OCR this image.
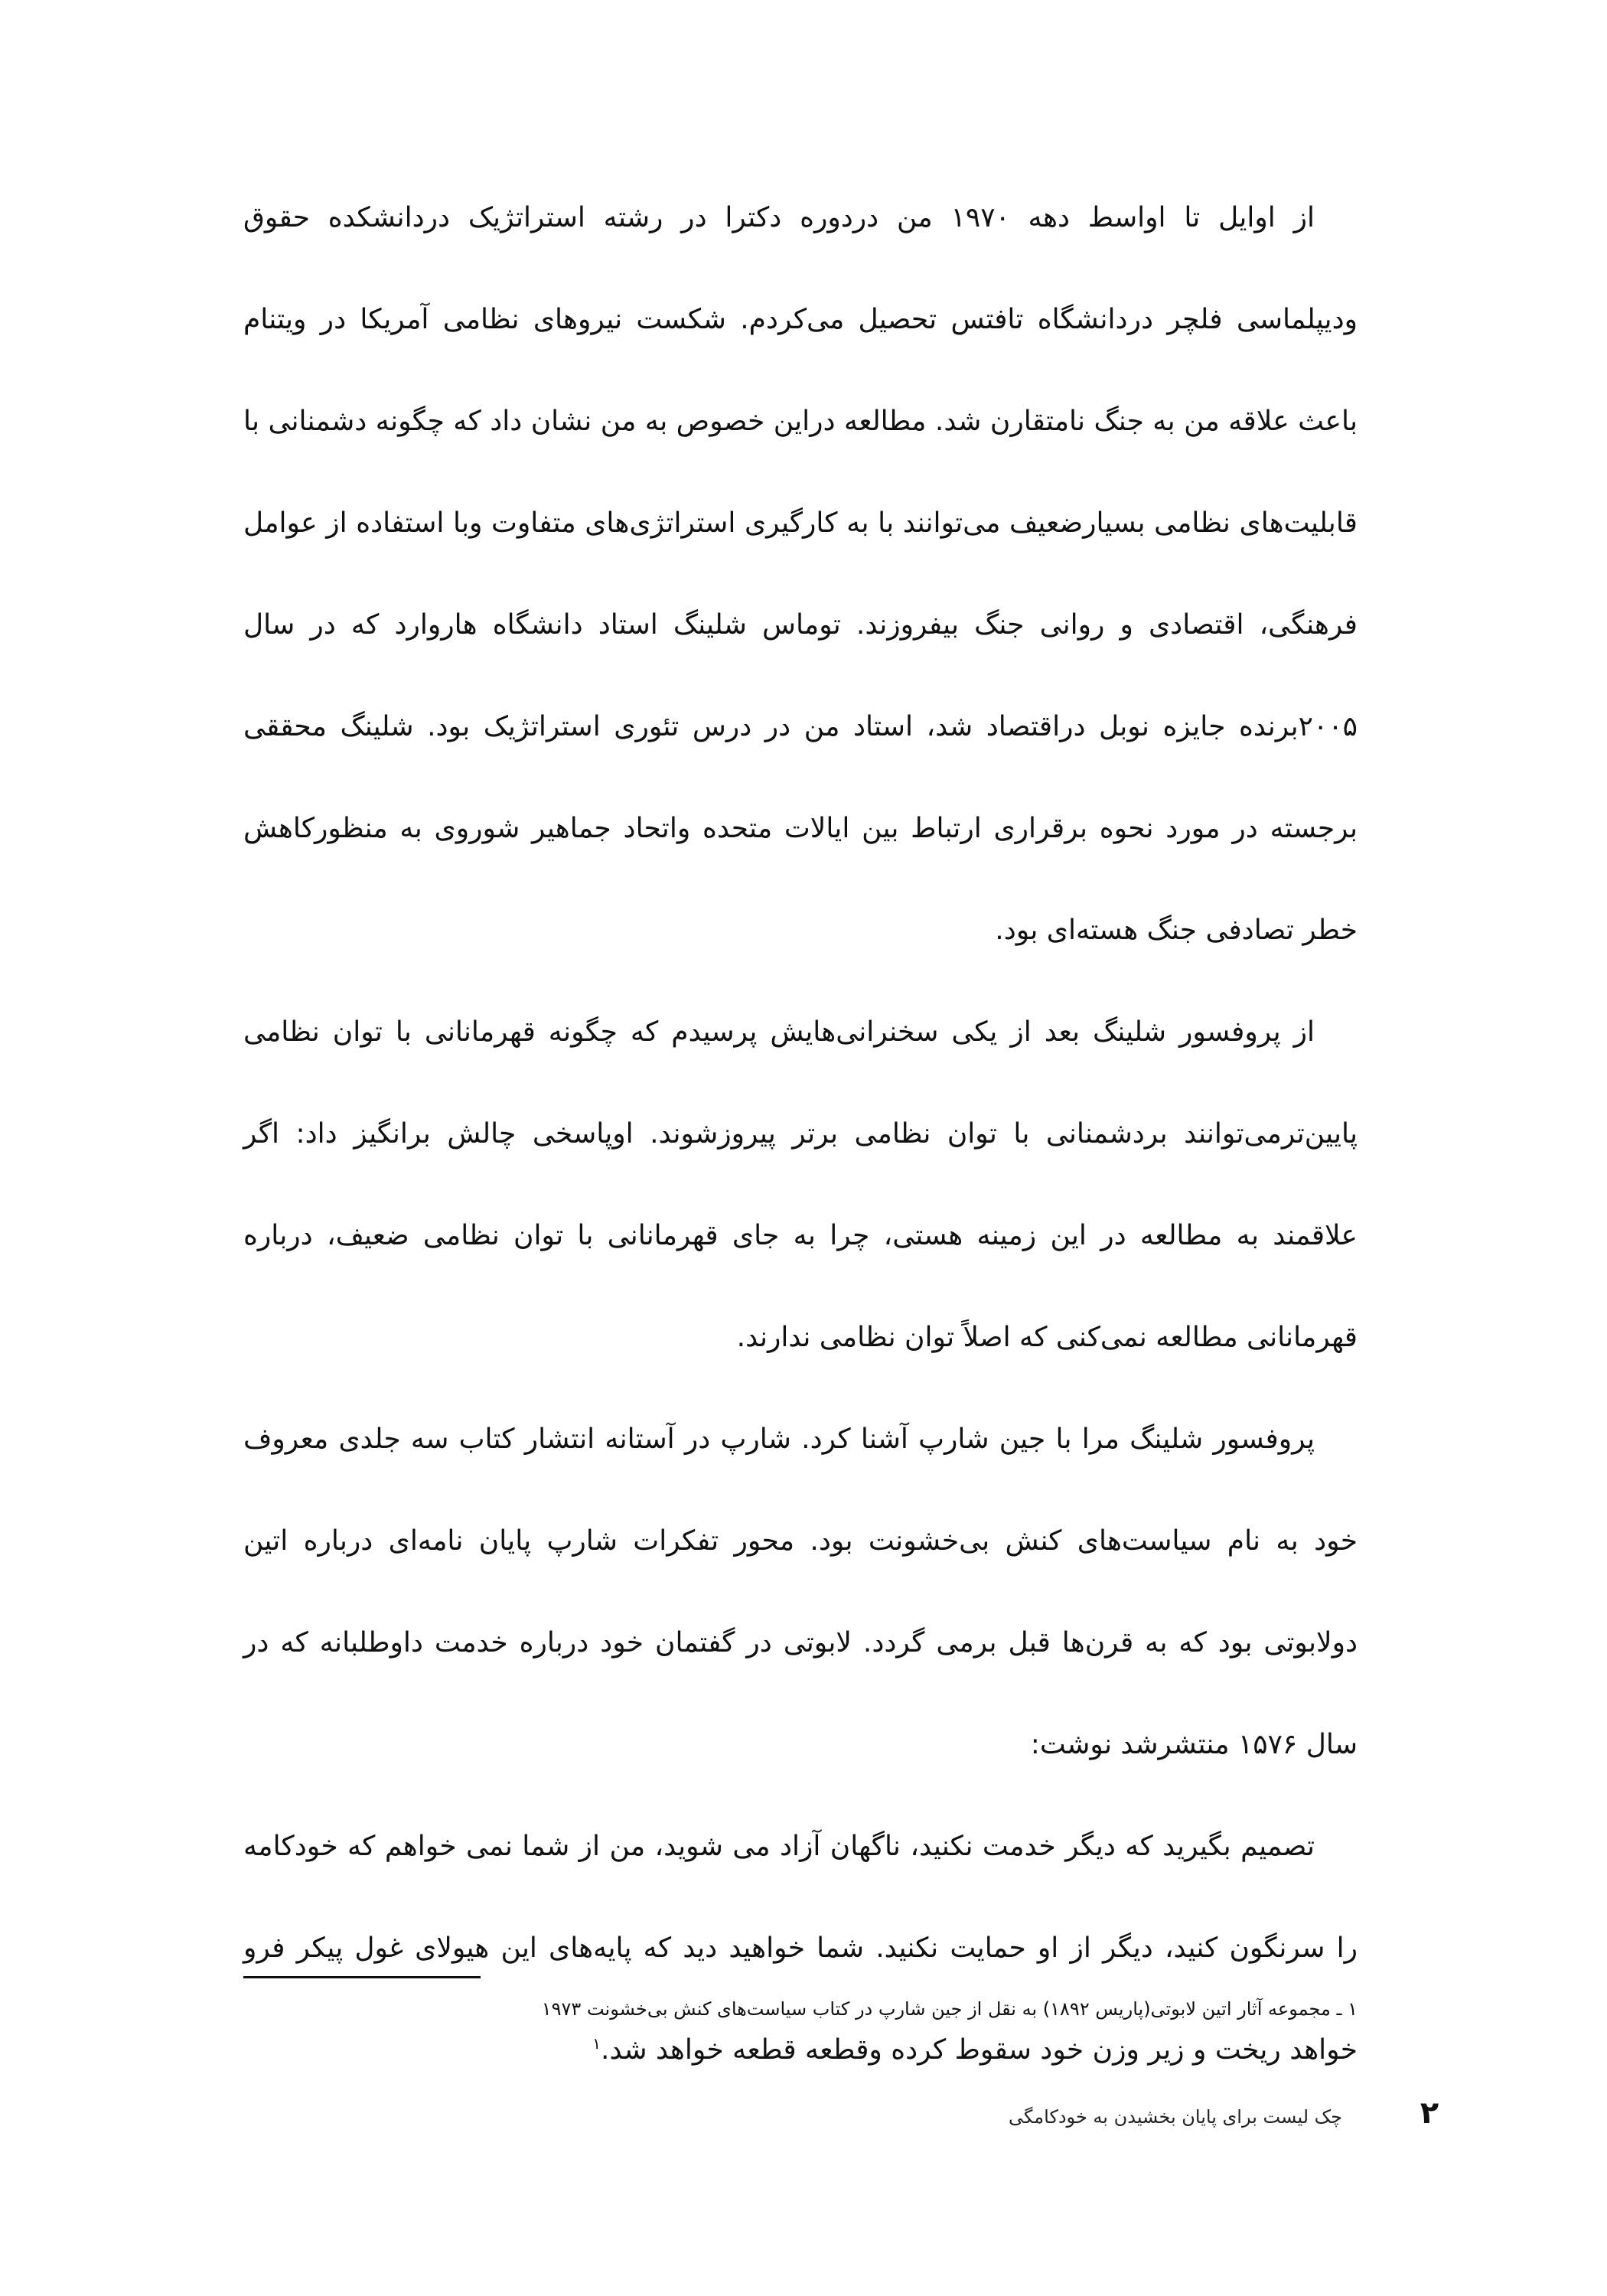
از اوایل تا اواسط دهه ۱۹۷۰ من دردوره دکترا در رشته استراتژیک دردانشکده حقوق ودیپلماسی فلچر دردانشگاه تافتس تحصیل می‌کردم. شکست نیروهای نظامی آمریکا در ویتنام باعث علاقه من به جنگ نامتقارن شد. مطالعه دراین خصوص به من نشان داد که چگونه دشمنانی با قابلیت‌های نظامی بسیارضعیف می‌توانند با به کارگیری استراتژی‌های متفاوت وبا استفاده از عوامل فرهنگی، اقتصادی و روانی جنگ بیفروزند. توماس شلینگ استاد دانشگاه هاروارد که در سال ۲۰۰۵برنده جایزه نوبل دراقتصاد شد، استاد من در درس تئوری استراتژیک بود. شلینگ محققی برجسته در مورد نحوه برقراری ارتباط بین ایالات متحده واتحاد جماهیر شوروی به منظورکاهش خطر تصادفی جنگ هسته‌ای بود.

از پروفسور شلینگ بعد از یکی سخنرانی‌هایش پرسیدم که چگونه قهرمانانی با توان نظامی پایین‌ترمی‌توانند بردشمنانی با توان نظامی برتر پیروزشوند. اوپاسخی چالش برانگیز داد: اگر علاقمند به مطالعه در این زمینه هستی، چرا به جای قهرمانانی با توان نظامی ضعیف، درباره قهرمانانی مطالعه نمی‌کنی که اصلاً توان نظامی ندارند.

پروفسور شلینگ مرا با جین شارپ آشنا کرد. شارپ در آستانه انتشار کتاب سه جلدی معروف خود به نام سیاست‌های کنش بی‌خشونت بود. محور تفکرات شارپ پایان نامه‌ای درباره اتین دولابوتی بود که به قرن‌ها قبل برمی گردد. لابوتی در گفتمان خود درباره خدمت داوطلبانه که در سال ۱۵۷۶ منتشرشد نوشت:

تصمیم بگیرید که دیگر خدمت نکنید، ناگهان آزاد می شوید، من از شما نمی خواهم که خودکامه را سرنگون کنید، دیگر از او حمایت نکنید. شما خواهید دید که پایه‌های این هیولای غول پیکر فرو خواهد ریخت و زیر وزن خود سقوط کرده وقطعه قطعه خواهد شد.$^۱$

۱ ـ مجموعه آثار اتین لابوتی(پاریس ۱۸۹۲) به نقل از جین شارپ در کتاب سیاست‌های کنش بی‌خشونت ۱۹۷۳

چک لیست برای پایان بخشیدن به خودکامگی	۲
